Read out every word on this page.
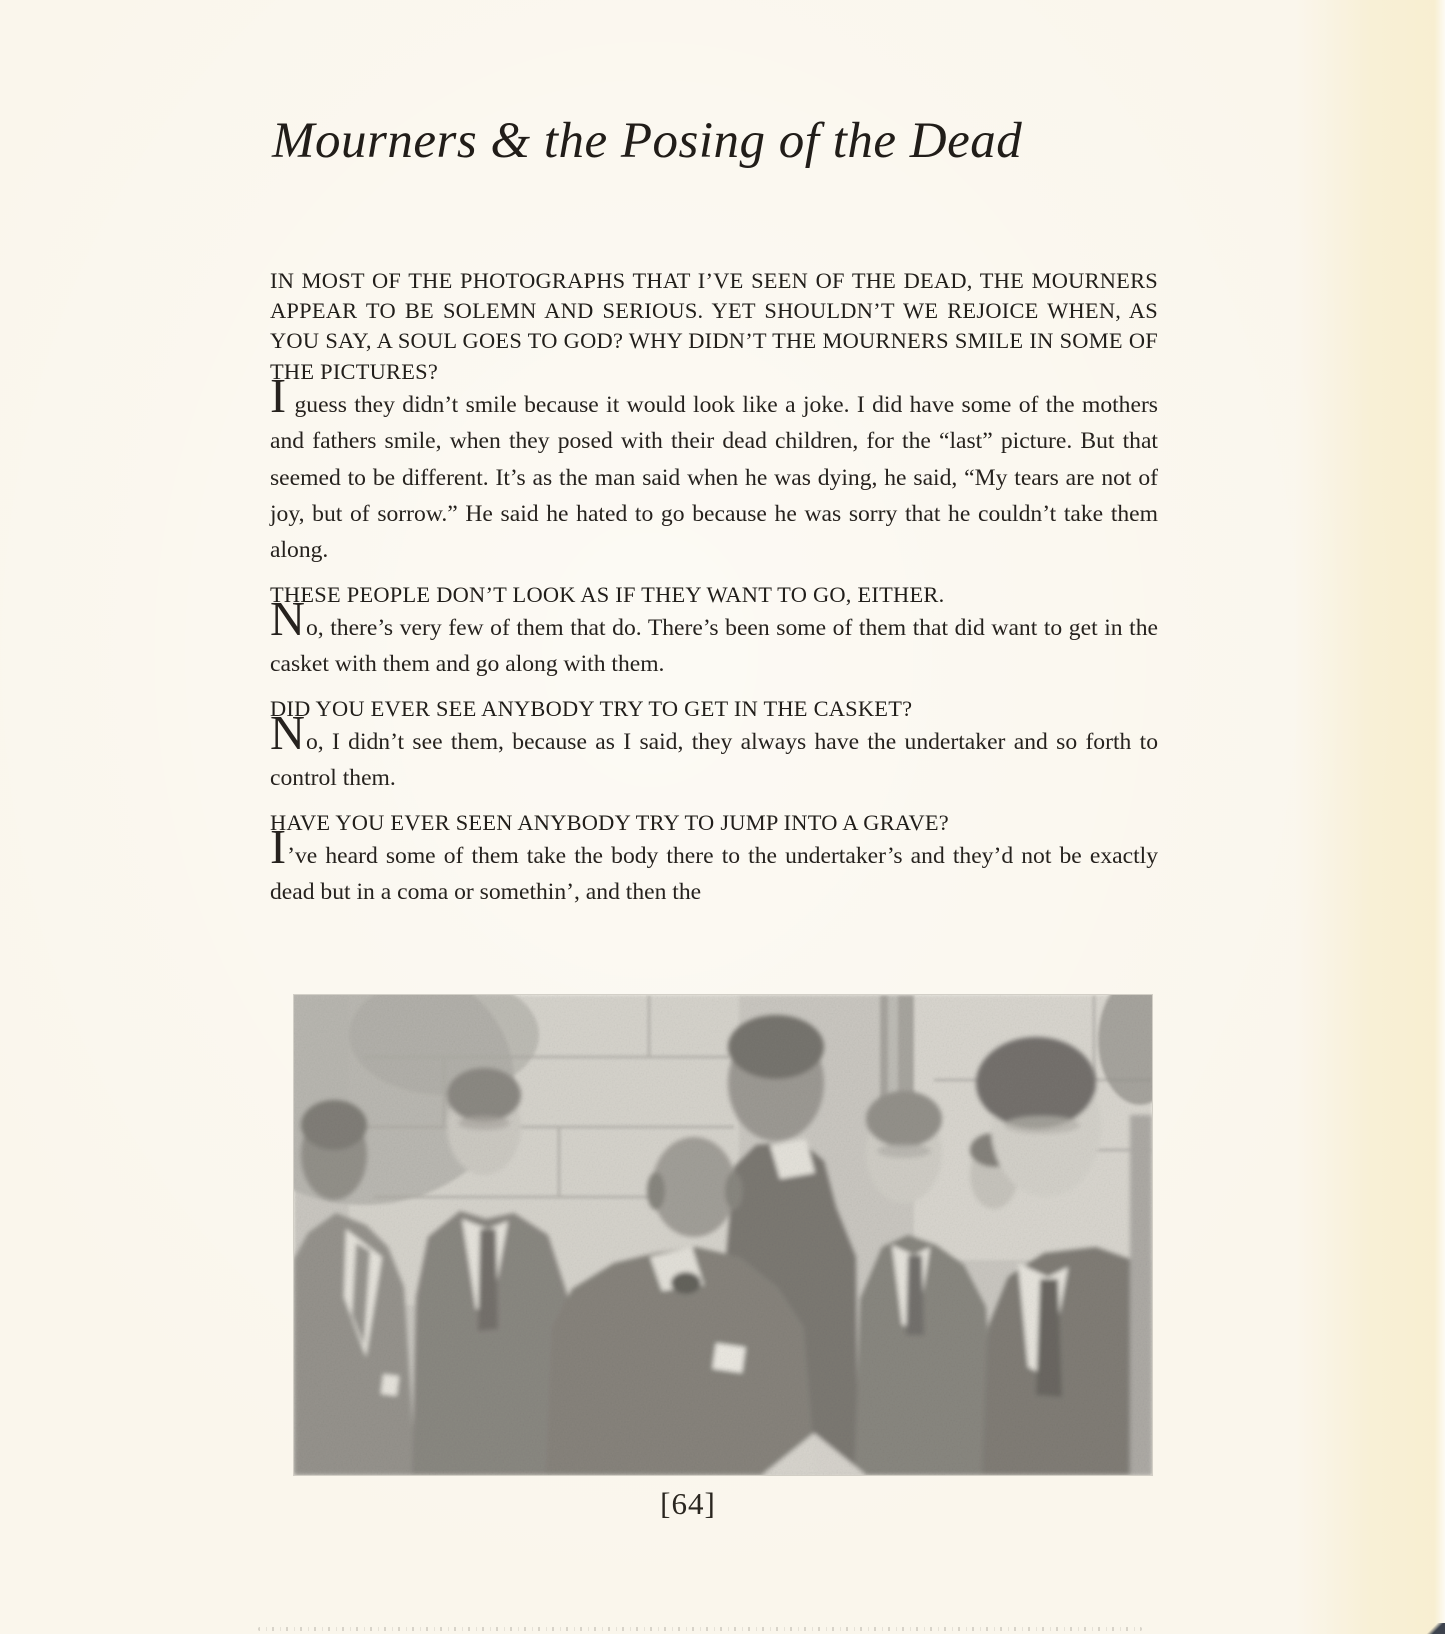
Mourners & the Posing of the Dead

IN MOST OF THE PHOTOGRAPHS THAT I’VE SEEN OF THE DEAD, THE MOURNERS APPEAR TO BE SOLEMN AND SERIOUS. YET SHOULDN’T WE REJOICE WHEN, AS YOU SAY, A SOUL GOES TO GOD? WHY DIDN’T THE MOURNERS SMILE IN SOME OF THE PICTURES?

I guess they didn’t smile because it would look like a joke. I did have some of the mothers and fathers smile, when they posed with their dead children, for the “last” picture. But that seemed to be different. It’s as the man said when he was dying, he said, “My tears are not of joy, but of sorrow.” He said he hated to go because he was sorry that he couldn’t take them along.

THESE PEOPLE DON’T LOOK AS IF THEY WANT TO GO, EITHER.

No, there’s very few of them that do. There’s been some of them that did want to get in the casket with them and go along with them.

DID YOU EVER SEE ANYBODY TRY TO GET IN THE CASKET?

No, I didn’t see them, because as I said, they always have the undertaker and so forth to control them.

HAVE YOU EVER SEEN ANYBODY TRY TO JUMP INTO A GRAVE?

I’ve heard some of them take the body there to the undertaker’s and they’d not be exactly dead but in a coma or somethin’, and then the

[64]
